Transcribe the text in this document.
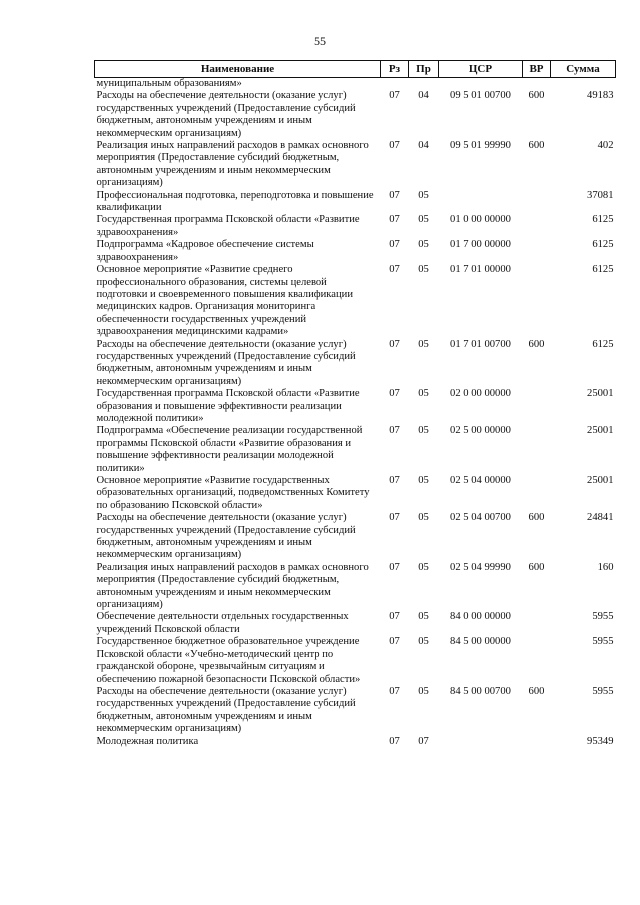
55
Наименование	Рз	Пр	ЦСР	ВР	Сумма
муниципальным образованиям»					
Расходы на обеспечение деятельности (оказание услуг) государственных учреждений (Предоставление субсидий бюджетным, автономным учреждениям и иным некоммерческим организациям)	07	04	09 5 01 00700	600	49183
Реализация иных направлений расходов в рамках основного мероприятия (Предоставление субсидий бюджетным, автономным учреждениям и иным некоммерческим организациям)	07	04	09 5 01 99990	600	402
Профессиональная подготовка, переподготовка и повышение квалификации	07	05			37081
Государственная программа Псковской области «Развитие здравоохранения»	07	05	01 0 00 00000		6125
Подпрограмма «Кадровое обеспечение системы здравоохранения»	07	05	01 7 00 00000		6125
Основное мероприятие «Развитие среднего профессионального образования, системы целевой подготовки и своевременного повышения квалификации медицинских кадров. Организация мониторинга обеспеченности государственных учреждений здравоохранения медицинскими кадрами»	07	05	01 7 01 00000		6125
Расходы на обеспечение деятельности (оказание услуг) государственных учреждений (Предоставление субсидий бюджетным, автономным учреждениям и иным некоммерческим организациям)	07	05	01 7 01 00700	600	6125
Государственная программа Псковской области «Развитие образования и повышение эффективности реализации молодежной политики»	07	05	02 0 00 00000		25001
Подпрограмма «Обеспечение реализации государственной программы Псковской области «Развитие образования и повышение эффективности реализации молодежной политики»	07	05	02 5 00 00000		25001
Основное мероприятие «Развитие государственных образовательных организаций, подведомственных Комитету по образованию Псковской области»	07	05	02 5 04 00000		25001
Расходы на обеспечение деятельности (оказание услуг) государственных учреждений (Предоставление субсидий бюджетным, автономным учреждениям и иным некоммерческим организациям)	07	05	02 5 04 00700	600	24841
Реализация иных направлений расходов в рамках основного мероприятия (Предоставление субсидий бюджетным, автономным учреждениям и иным некоммерческим организациям)	07	05	02 5 04 99990	600	160
Обеспечение деятельности отдельных государственных учреждений Псковской области	07	05	84 0 00 00000		5955
Государственное бюджетное образовательное учреждение Псковской области «Учебно-методический центр по гражданской обороне, чрезвычайным ситуациям и обеспечению пожарной безопасности Псковской области»	07	05	84 5 00 00000		5955
Расходы на обеспечение деятельности (оказание услуг) государственных учреждений (Предоставление субсидий бюджетным, автономным учреждениям и иным некоммерческим организациям)	07	05	84 5 00 00700	600	5955
Молодежная политика	07	07			95349
